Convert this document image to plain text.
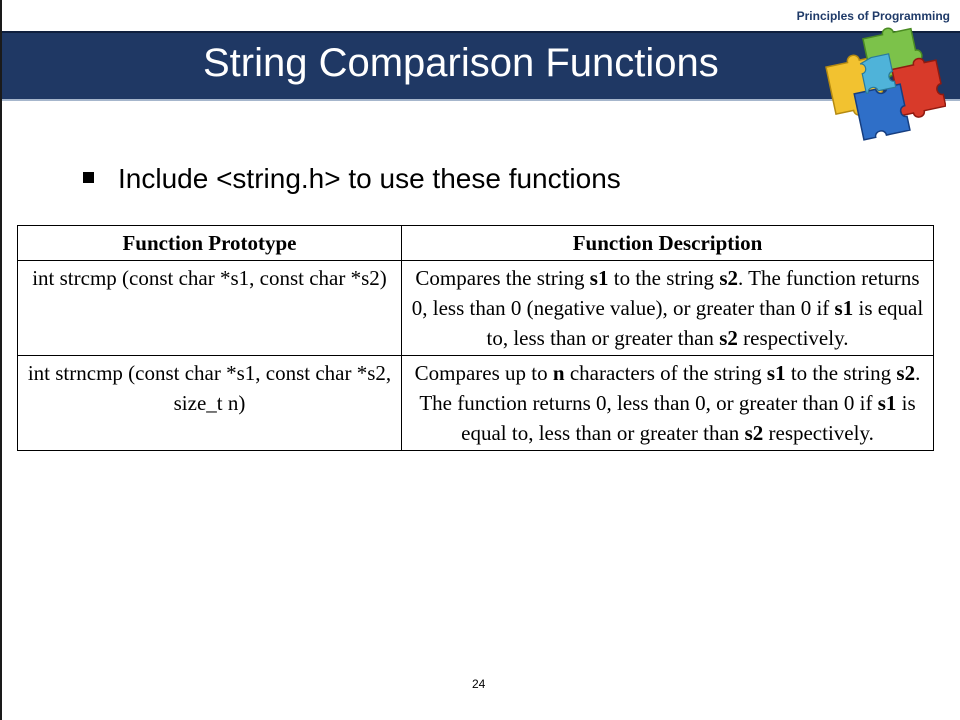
Principles of Programming
String Comparison Functions
Include <string.h> to use these functions
Function Prototype	Function Description
int strcmp (const char *s1, const char *s2)	Compares the string s1 to the string s2. The function returns 0, less than 0 (negative value), or greater than 0 if s1 is equal to, less than or greater than s2 respectively.
int strncmp (const char *s1, const char *s2, size_t n)	Compares up to n characters of the string s1 to the string s2. The function returns 0, less than 0, or greater than 0 if s1 is equal to, less than or greater than s2 respectively.
24
